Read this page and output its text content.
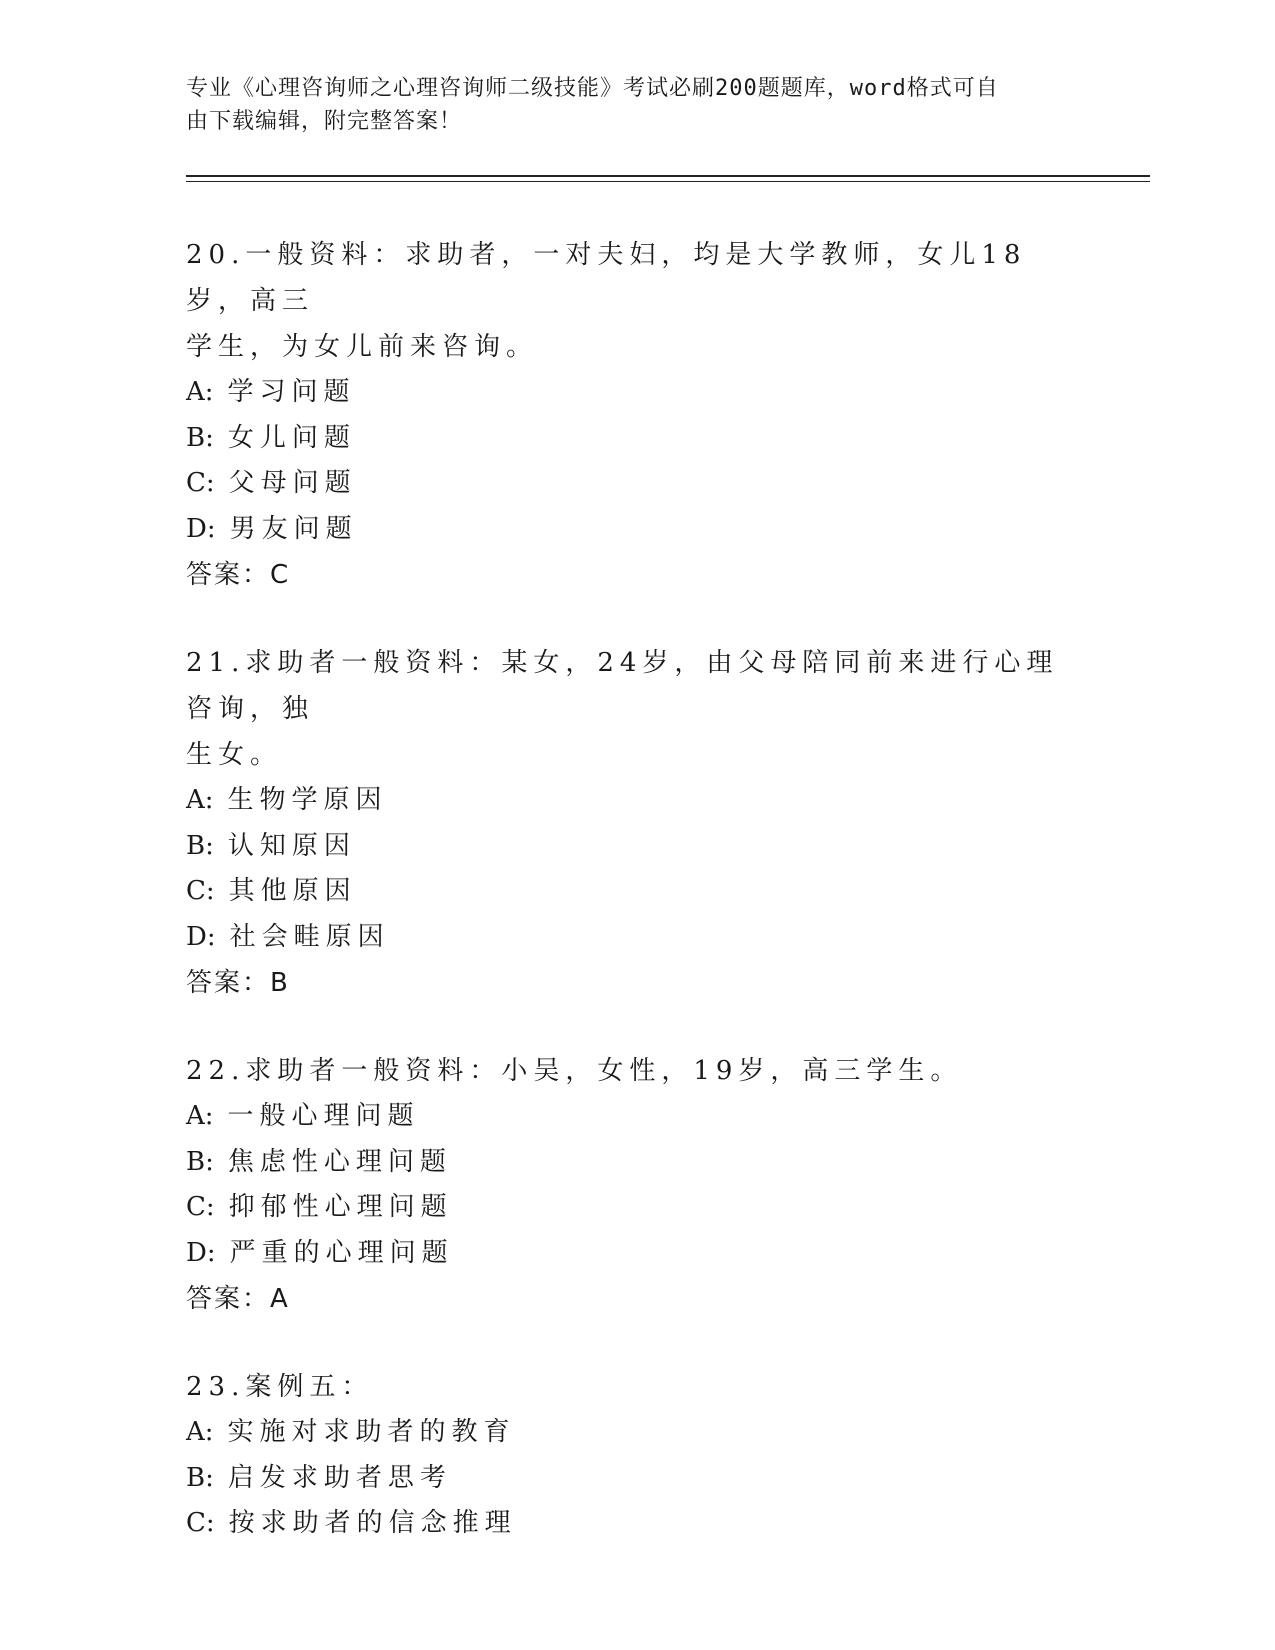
专业《心理咨询师之心理咨询师二级技能》考试必刷200题题库，word格式可自
由下载编辑，附完整答案！
20.一般资料：求助者，一对夫妇，均是大学教师，女儿18岁，高三
学生，为女儿前来咨询。
A: 学习问题
B: 女儿问题
C: 父母问题
D: 男友问题
答案：C
21.求助者一般资料：某女，24岁，由父母陪同前来进行心理咨询，独
生女。
A: 生物学原因
B: 认知原因
C: 其他原因
D: 社会畦原因
答案：B
22.求助者一般资料：小吴，女性，19岁，高三学生。
A: 一般心理问题
B: 焦虑性心理问题
C: 抑郁性心理问题
D: 严重的心理问题
答案：A
23.案例五：
A: 实施对求助者的教育
B: 启发求助者思考
C: 按求助者的信念推理
